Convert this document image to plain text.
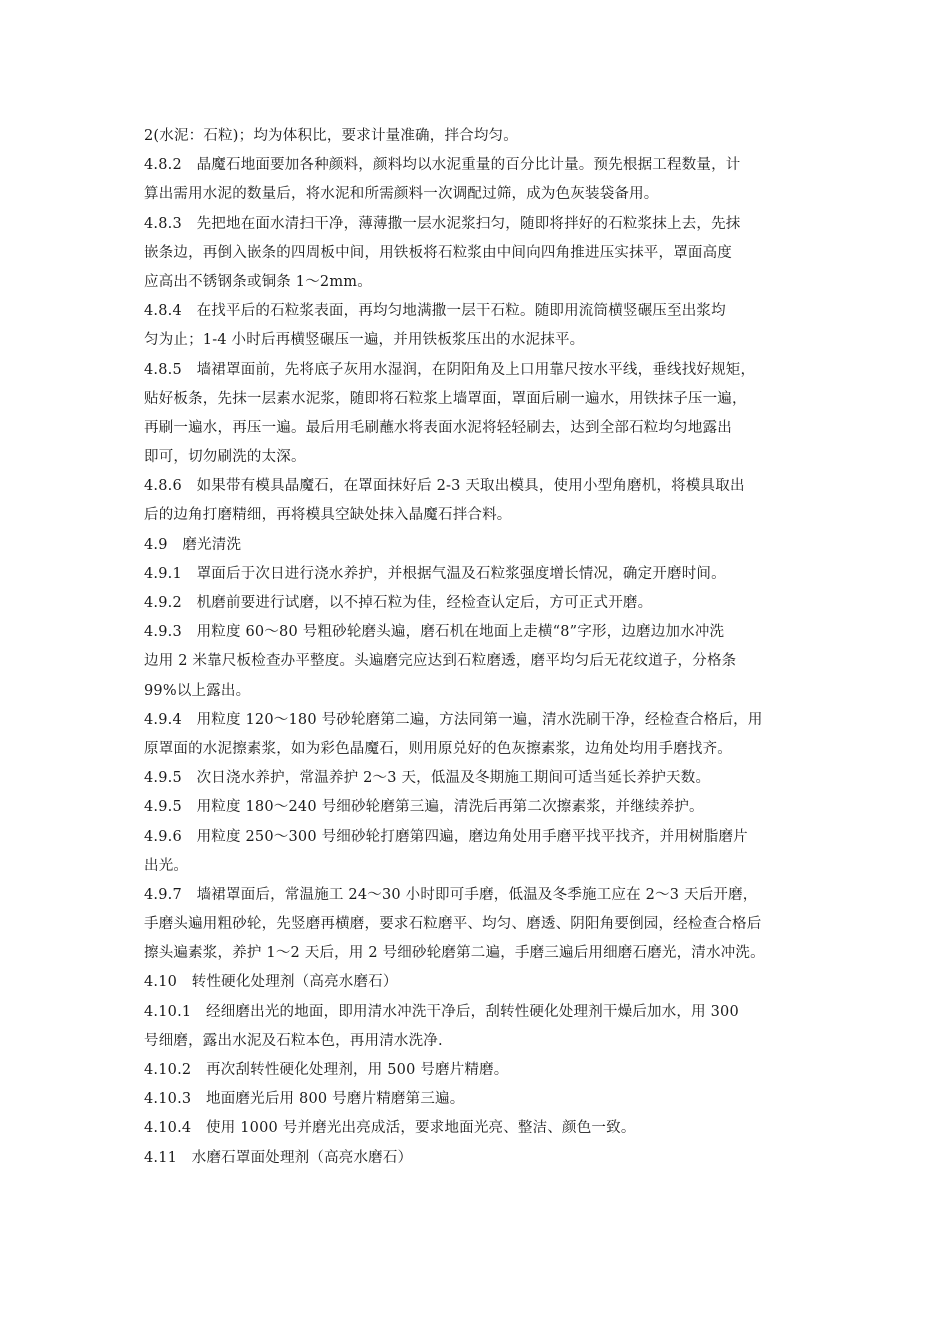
2(水泥：石粒)；均为体积比，要求计量准确，拌合均匀。
4.8.2　晶魔石地面要加各种颜料，颜料均以水泥重量的百分比计量。预先根据工程数量，计
算出需用水泥的数量后，将水泥和所需颜料一次调配过筛，成为色灰装袋备用。
4.8.3　先把地在面水清扫干净，薄薄撒一层水泥浆扫匀，随即将拌好的石粒浆抹上去，先抹
嵌条边，再倒入嵌条的四周板中间，用铁板将石粒浆由中间向四角推进压实抹平，罩面高度
应高出不锈钢条或铜条 1～2mm。
4.8.4　在找平后的石粒浆表面，再均匀地满撒一层干石粒。随即用流筒横竖碾压至出浆均
匀为止；1-4 小时后再横竖碾压一遍，并用铁板浆压出的水泥抹平。
4.8.5　墙裙罩面前，先将底子灰用水湿润，在阴阳角及上口用靠尺按水平线，垂线找好规矩，
贴好板条，先抹一层素水泥浆，随即将石粒浆上墙罩面，罩面后刷一遍水，用铁抹子压一遍，
再刷一遍水，再压一遍。最后用毛刷蘸水将表面水泥将轻轻刷去，达到全部石粒均匀地露出
即可，切勿刷洗的太深。
4.8.6　如果带有模具晶魔石，在罩面抹好后 2-3 天取出模具，使用小型角磨机，将模具取出
后的边角打磨精细，再将模具空缺处抹入晶魔石拌合料。
4.9　磨光清洗
4.9.1　罩面后于次日进行浇水养护，并根据气温及石粒浆强度增长情况，确定开磨时间。
4.9.2　机磨前要进行试磨，以不掉石粒为佳，经检查认定后，方可正式开磨。
4.9.3　用粒度 60～80 号粗砂轮磨头遍，磨石机在地面上走横“8”字形，边磨边加水冲洗
边用 2 米靠尺板检查办平整度。头遍磨完应达到石粒磨透，磨平均匀后无花纹道子，分格条
99%以上露出。
4.9.4　用粒度 120～180 号砂轮磨第二遍，方法同第一遍，清水洗刷干净，经检查合格后，用
原罩面的水泥擦素浆，如为彩色晶魔石，则用原兑好的色灰擦素浆，边角处均用手磨找齐。
4.9.5　次日浇水养护，常温养护 2～3 天，低温及冬期施工期间可适当延长养护天数。
4.9.5　用粒度 180～240 号细砂轮磨第三遍，清洗后再第二次擦素浆，并继续养护。
4.9.6　用粒度 250～300 号细砂轮打磨第四遍，磨边角处用手磨平找平找齐，并用树脂磨片
出光。
4.9.7　墙裙罩面后，常温施工 24～30 小时即可手磨，低温及冬季施工应在 2～3 天后开磨，
手磨头遍用粗砂轮，先竖磨再横磨，要求石粒磨平、均匀、磨透、阴阳角要倒园，经检查合格后
擦头遍素浆，养护 1～2 天后，用 2 号细砂轮磨第二遍，手磨三遍后用细磨石磨光，清水冲洗。
4.10　转性硬化处理剂（高亮水磨石）
4.10.1　经细磨出光的地面，即用清水冲洗干净后，刮转性硬化处理剂干燥后加水，用 300
号细磨，露出水泥及石粒本色，再用清水洗净.
4.10.2　再次刮转性硬化处理剂，用 500 号磨片精磨。
4.10.3　地面磨光后用 800 号磨片精磨第三遍。
4.10.4　使用 1000 号并磨光出亮成活，要求地面光亮、整洁、颜色一致。
4.11　水磨石罩面处理剂（高亮水磨石）
